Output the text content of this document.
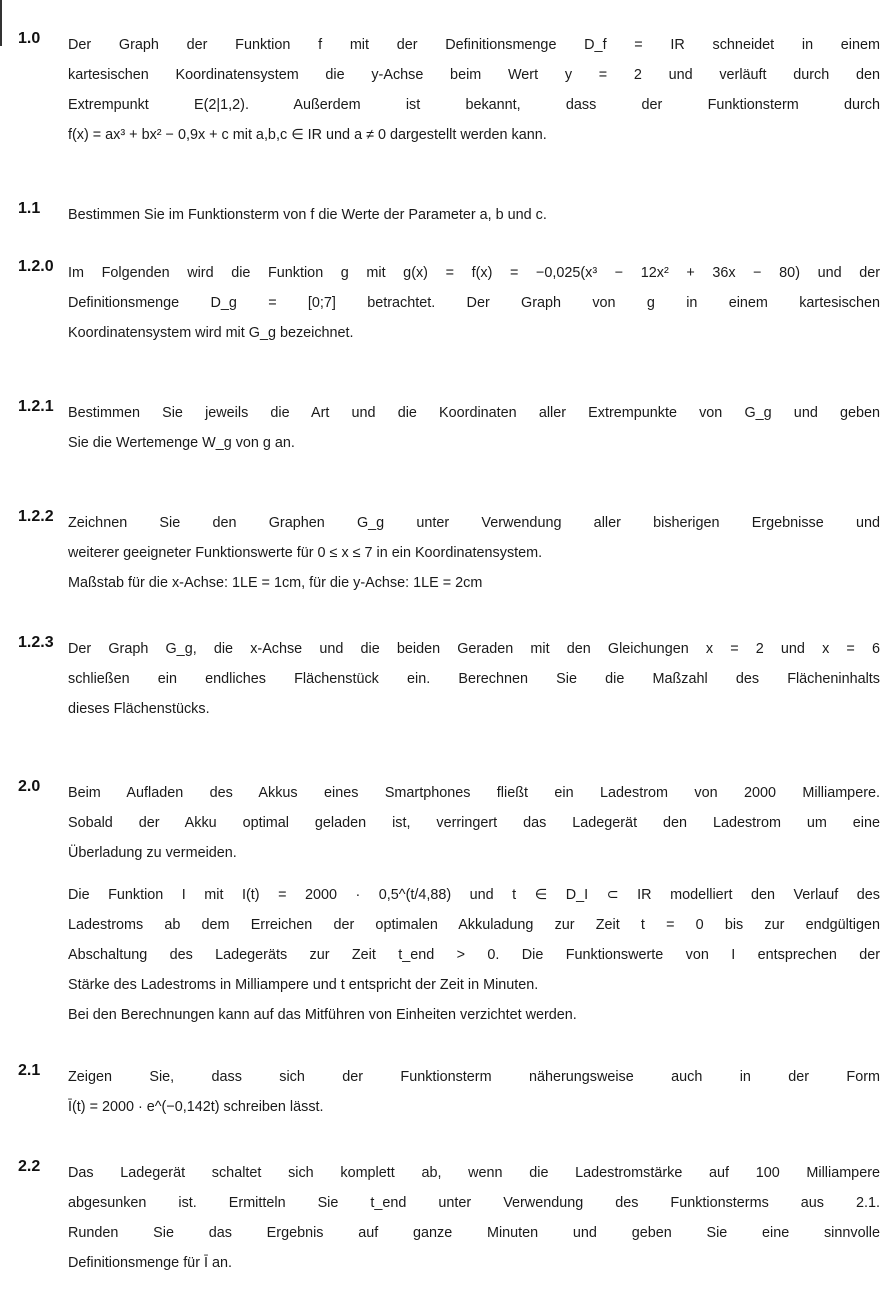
1.0 Der Graph der Funktion f mit der Definitionsmenge D_f = IR schneidet in einem
kartesischen Koordinatensystem die y-Achse beim Wert y = 2 und verläuft durch den
Extrempunkt E(2|1,2). Außerdem ist bekannt, dass der Funktionsterm durch
f(x) = ax³ + bx² − 0,9x + c mit a,b,c ∈ IR und a ≠ 0 dargestellt werden kann.
1.1 Bestimmen Sie im Funktionsterm von f die Werte der Parameter a, b und c.
1.2.0 Im Folgenden wird die Funktion g mit g(x) = f(x) = −0,025(x³ − 12x² + 36x − 80) und der
Definitionsmenge D_g = [0;7] betrachtet. Der Graph von g in einem kartesischen
Koordinatensystem wird mit G_g bezeichnet.
1.2.1 Bestimmen Sie jeweils die Art und die Koordinaten aller Extrempunkte von G_g und geben
Sie die Wertemenge W_g von g an.
1.2.2 Zeichnen Sie den Graphen G_g unter Verwendung aller bisherigen Ergebnisse und
weiterer geeigneter Funktionswerte für 0 ≤ x ≤ 7 in ein Koordinatensystem.
Maßstab für die x-Achse: 1LE = 1cm, für die y-Achse: 1LE = 2cm
1.2.3 Der Graph G_g, die x-Achse und die beiden Geraden mit den Gleichungen x = 2 und x = 6
schließen ein endliches Flächenstück ein. Berechnen Sie die Maßzahl des Flächeninhalts
dieses Flächenstücks.
2.0 Beim Aufladen des Akkus eines Smartphones fließt ein Ladestrom von 2000 Milliampere.
Sobald der Akku optimal geladen ist, verringert das Ladegerät den Ladestrom um eine
Überladung zu vermeiden.
Die Funktion I mit I(t) = 2000 · 0,5^(t/4,88) und t ∈ D_I ⊂ IR modelliert den Verlauf des
Ladestroms ab dem Erreichen der optimalen Akkuladung zur Zeit t = 0 bis zur endgültigen
Abschaltung des Ladegeräts zur Zeit t_end > 0. Die Funktionswerte von I entsprechen der
Stärke des Ladestroms in Milliampere und t entspricht der Zeit in Minuten.
Bei den Berechnungen kann auf das Mitführen von Einheiten verzichtet werden.
2.1 Zeigen Sie, dass sich der Funktionsterm näherungsweise auch in der Form
Ī(t) = 2000 · e^(−0,142t) schreiben lässt.
2.2 Das Ladegerät schaltet sich komplett ab, wenn die Ladestromstärke auf 100 Milliampere
abgesunken ist. Ermitteln Sie t_end unter Verwendung des Funktionsterms aus 2.1.
Runden Sie das Ergebnis auf ganze Minuten und geben Sie eine sinnvolle
Definitionsmenge für Ī an.
